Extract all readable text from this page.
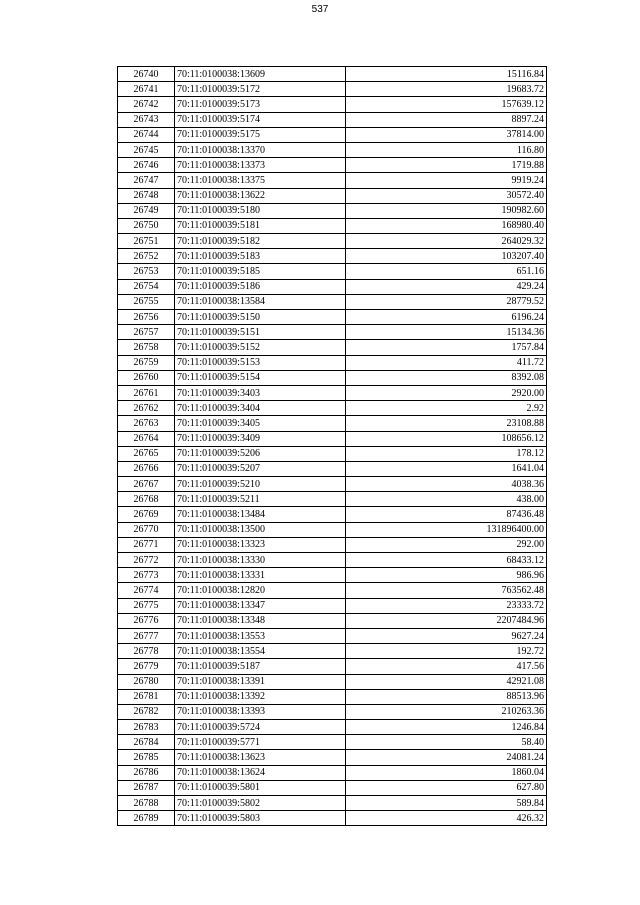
537
26740	70:11:0100038:13609	15116.84
26741	70:11:0100039:5172	19683.72
26742	70:11:0100039:5173	157639.12
26743	70:11:0100039:5174	8897.24
26744	70:11:0100039:5175	37814.00
26745	70:11:0100038:13370	116.80
26746	70:11:0100038:13373	1719.88
26747	70:11:0100038:13375	9919.24
26748	70:11:0100038:13622	30572.40
26749	70:11:0100039:5180	190982.60
26750	70:11:0100039:5181	168980.40
26751	70:11:0100039:5182	264029.32
26752	70:11:0100039:5183	103207.40
26753	70:11:0100039:5185	651.16
26754	70:11:0100039:5186	429.24
26755	70:11:0100038:13584	28779.52
26756	70:11:0100039:5150	6196.24
26757	70:11:0100039:5151	15134.36
26758	70:11:0100039:5152	1757.84
26759	70:11:0100039:5153	411.72
26760	70:11:0100039:5154	8392.08
26761	70:11:0100039:3403	2920.00
26762	70:11:0100039:3404	2.92
26763	70:11:0100039:3405	23108.88
26764	70:11:0100039:3409	108656.12
26765	70:11:0100039:5206	178.12
26766	70:11:0100039:5207	1641.04
26767	70:11:0100039:5210	4038.36
26768	70:11:0100039:5211	438.00
26769	70:11:0100038:13484	87436.48
26770	70:11:0100038:13500	131896400.00
26771	70:11:0100038:13323	292.00
26772	70:11:0100038:13330	68433.12
26773	70:11:0100038:13331	986.96
26774	70:11:0100038:12820	763562.48
26775	70:11:0100038:13347	23333.72
26776	70:11:0100038:13348	2207484.96
26777	70:11:0100038:13553	9627.24
26778	70:11:0100038:13554	192.72
26779	70:11:0100039:5187	417.56
26780	70:11:0100038:13391	42921.08
26781	70:11:0100038:13392	88513.96
26782	70:11:0100038:13393	210263.36
26783	70:11:0100039:5724	1246.84
26784	70:11:0100039:5771	58.40
26785	70:11:0100038:13623	24081.24
26786	70:11:0100038:13624	1860.04
26787	70:11:0100039:5801	627.80
26788	70:11:0100039:5802	589.84
26789	70:11:0100039:5803	426.32
